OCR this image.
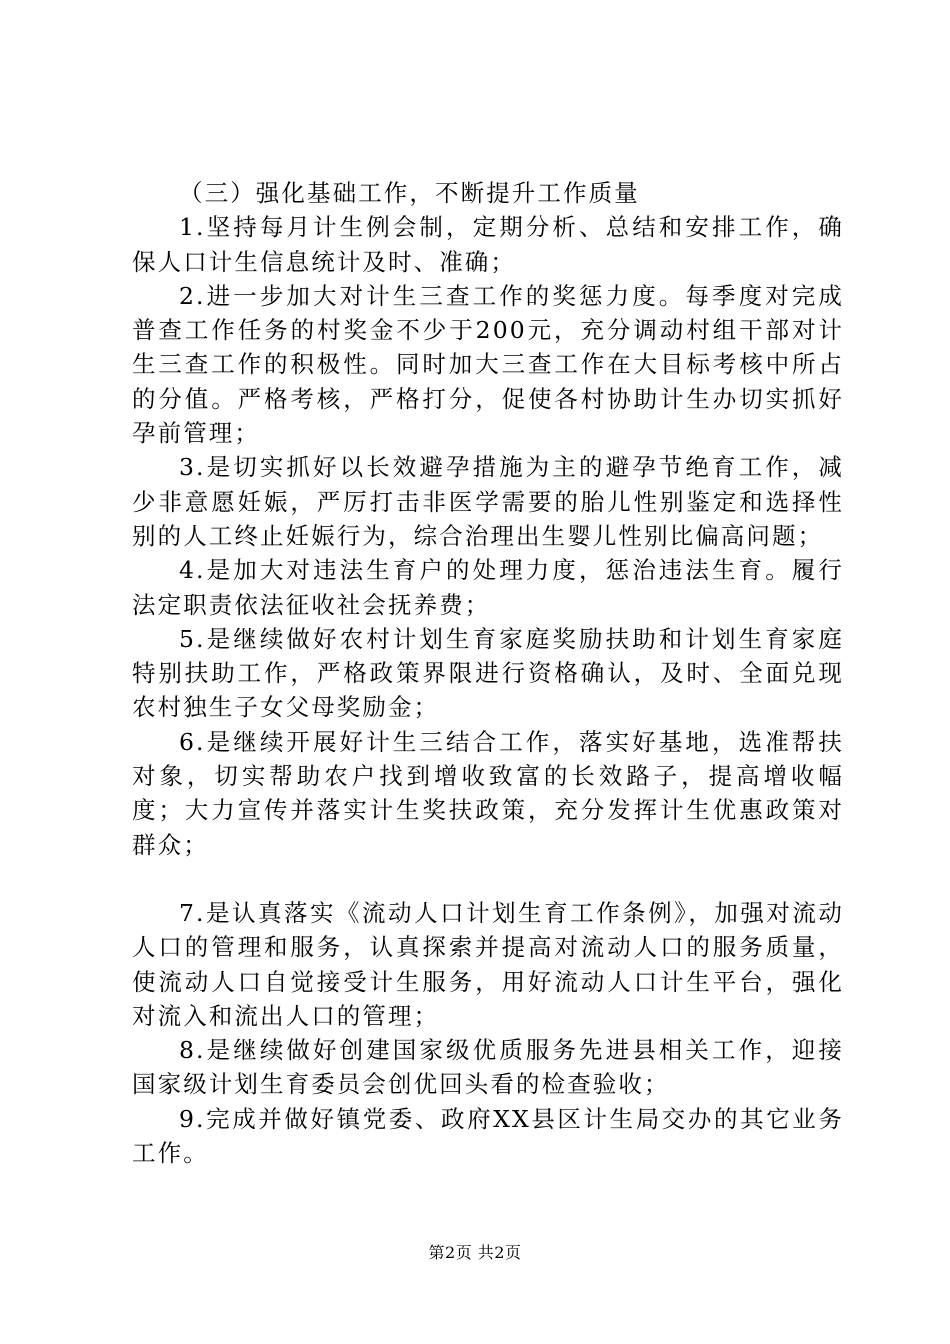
（三）强化基础工作，不断提升工作质量

1.坚持每月计生例会制，定期分析、总结和安排工作，确保人口计生信息统计及时、准确；

2.进一步加大对计生三查工作的奖惩力度。每季度对完成普查工作任务的村奖金不少于200元，充分调动村组干部对计生三查工作的积极性。同时加大三查工作在大目标考核中所占的分值。严格考核，严格打分，促使各村协助计生办切实抓好孕前管理；

3.是切实抓好以长效避孕措施为主的避孕节绝育工作，减少非意愿妊娠，严厉打击非医学需要的胎儿性别鉴定和选择性别的人工终止妊娠行为，综合治理出生婴儿性别比偏高问题；

4.是加大对违法生育户的处理力度，惩治违法生育。履行法定职责依法征收社会抚养费；

5.是继续做好农村计划生育家庭奖励扶助和计划生育家庭特别扶助工作，严格政策界限进行资格确认，及时、全面兑现农村独生子女父母奖励金；

6.是继续开展好计生三结合工作，落实好基地，选准帮扶对象，切实帮助农户找到增收致富的长效路子，提高增收幅度；大力宣传并落实计生奖扶政策，充分发挥计生优惠政策对群众；

7.是认真落实《流动人口计划生育工作条例》，加强对流动人口的管理和服务，认真探索并提高对流动人口的服务质量，使流动人口自觉接受计生服务，用好流动人口计生平台，强化对流入和流出人口的管理；

8.是继续做好创建国家级优质服务先进县相关工作，迎接国家级计划生育委员会创优回头看的检查验收；

9.完成并做好镇党委、政府XX县区计生局交办的其它业务工作。

第2页 共2页
